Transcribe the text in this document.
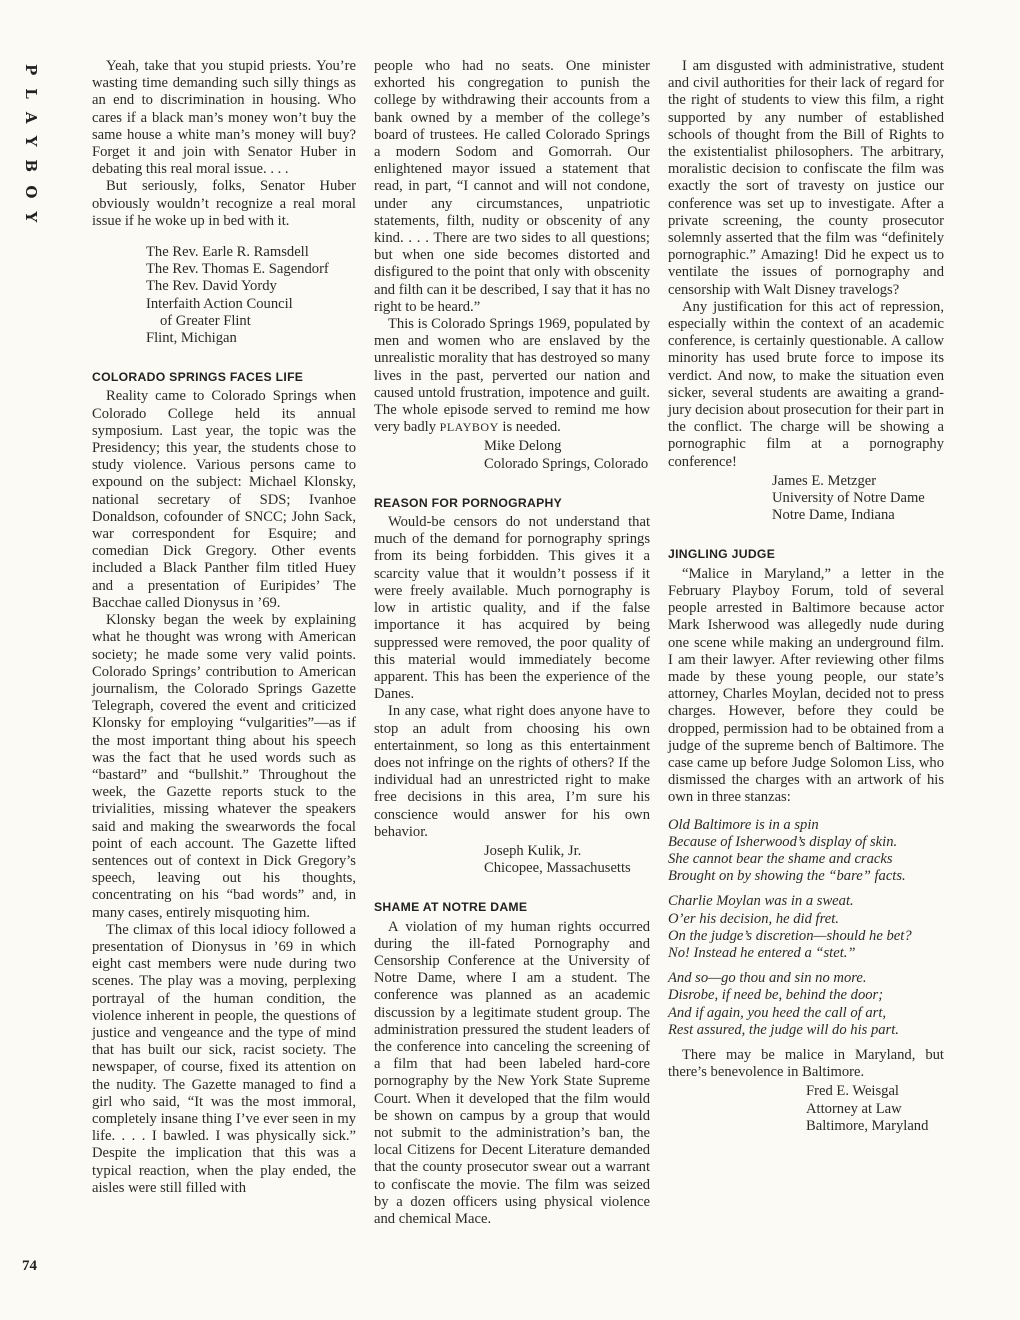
PLAYBOY
74

Yeah, take that you stupid priests. You’re wasting time demanding such silly things as an end to discrimination in housing. Who cares if a black man’s money won’t buy the same house a white man’s money will buy? Forget it and join with Senator Huber in debating this real moral issue. . . .

But seriously, folks, Senator Huber obviously wouldn’t recognize a real moral issue if he woke up in bed with it.

The Rev. Earle R. Ramsdell
The Rev. Thomas E. Sagendorf
The Rev. David Yordy
Interfaith Action Council
of Greater Flint
Flint, Michigan
COLORADO SPRINGS FACES LIFE

Reality came to Colorado Springs when Colorado College held its annual symposium. Last year, the topic was the Presidency; this year, the students chose to study violence. Various persons came to expound on the subject: Michael Klonsky, national secretary of SDS; Ivanhoe Donaldson, cofounder of SNCC; John Sack, war correspondent for Esquire; and comedian Dick Gregory. Other events included a Black Panther film titled Huey and a presentation of Euripides’ The Bacchae called Dionysus in ’69.

Klonsky began the week by explaining what he thought was wrong with American society; he made some very valid points. Colorado Springs’ contribution to American journalism, the Colorado Springs Gazette Telegraph, covered the event and criticized Klonsky for employing “vulgarities”—as if the most important thing about his speech was the fact that he used words such as “bastard” and “bullshit.” Throughout the week, the Gazette reports stuck to the trivialities, missing whatever the speakers said and making the swearwords the focal point of each account. The Gazette lifted sentences out of context in Dick Gregory’s speech, leaving out his thoughts, concentrating on his “bad words” and, in many cases, entirely misquoting him.

The climax of this local idiocy followed a presentation of Dionysus in ’69 in which eight cast members were nude during two scenes. The play was a moving, perplexing portrayal of the human condition, the violence inherent in people, the questions of justice and vengeance and the type of mind that has built our sick, racist society. The newspaper, of course, fixed its attention on the nudity. The Gazette managed to find a girl who said, “It was the most immoral, completely insane thing I’ve ever seen in my life. . . . I bawled. I was physically sick.” Despite the implication that this was a typical reaction, when the play ended, the aisles were still filled with

people who had no seats. One minister exhorted his congregation to punish the college by withdrawing their accounts from a bank owned by a member of the college’s board of trustees. He called Colorado Springs a modern Sodom and Gomorrah. Our enlightened mayor issued a statement that read, in part, “I cannot and will not condone, under any circumstances, unpatriotic statements, filth, nudity or obscenity of any kind. . . . There are two sides to all questions; but when one side becomes distorted and disfigured to the point that only with obscenity and filth can it be described, I say that it has no right to be heard.”

This is Colorado Springs 1969, populated by men and women who are enslaved by the unrealistic morality that has destroyed so many lives in the past, perverted our nation and caused untold frustration, impotence and guilt. The whole episode served to remind me how very badly PLAYBOY is needed.

Mike Delong
Colorado Springs, Colorado
REASON FOR PORNOGRAPHY

Would-be censors do not understand that much of the demand for pornography springs from its being forbidden. This gives it a scarcity value that it wouldn’t possess if it were freely available. Much pornography is low in artistic quality, and if the false importance it has acquired by being suppressed were removed, the poor quality of this material would immediately become apparent. This has been the experience of the Danes.

In any case, what right does anyone have to stop an adult from choosing his own entertainment, so long as this entertainment does not infringe on the rights of others? If the individual had an unrestricted right to make free decisions in this area, I’m sure his conscience would answer for his own behavior.

Joseph Kulik, Jr.
Chicopee, Massachusetts
SHAME AT NOTRE DAME

A violation of my human rights occurred during the ill-fated Pornography and Censorship Conference at the University of Notre Dame, where I am a student. The conference was planned as an academic discussion by a legitimate student group. The administration pressured the student leaders of the conference into canceling the screening of a film that had been labeled hard-core pornography by the New York State Supreme Court. When it developed that the film would be shown on campus by a group that would not submit to the administration’s ban, the local Citizens for Decent Literature demanded that the county prosecutor swear out a warrant to confiscate the movie. The film was seized by a dozen officers using physical violence and chemical Mace.

I am disgusted with administrative, student and civil authorities for their lack of regard for the right of students to view this film, a right supported by any number of established schools of thought from the Bill of Rights to the existentialist philosophers. The arbitrary, moralistic decision to confiscate the film was exactly the sort of travesty on justice our conference was set up to investigate. After a private screening, the county prosecutor solemnly asserted that the film was “definitely pornographic.” Amazing! Did he expect us to ventilate the issues of pornography and censorship with Walt Disney travelogs?

Any justification for this act of repression, especially within the context of an academic conference, is certainly questionable. A callow minority has used brute force to impose its verdict. And now, to make the situation even sicker, several students are awaiting a grand-jury decision about prosecution for their part in the conflict. The charge will be showing a pornographic film at a pornography conference!

James E. Metzger
University of Notre Dame
Notre Dame, Indiana
JINGLING JUDGE

“Malice in Maryland,” a letter in the February Playboy Forum, told of several people arrested in Baltimore because actor Mark Isherwood was allegedly nude during one scene while making an underground film. I am their lawyer. After reviewing other films made by these young people, our state’s attorney, Charles Moylan, decided not to press charges. However, before they could be dropped, permission had to be obtained from a judge of the supreme bench of Baltimore. The case came up before Judge Solomon Liss, who dismissed the charges with an artwork of his own in three stanzas:

Old Baltimore is in a spin
Because of Isherwood’s display of skin.
She cannot bear the shame and cracks
Brought on by showing the “bare” facts.
Charlie Moylan was in a sweat.
O’er his decision, he did fret.
On the judge’s discretion—should he bet?
No! Instead he entered a “stet.”
And so—go thou and sin no more.
Disrobe, if need be, behind the door;
And if again, you heed the call of art,
Rest assured, the judge will do his part.

There may be malice in Maryland, but there’s benevolence in Baltimore.

Fred E. Weisgal
Attorney at Law
Baltimore, Maryland
